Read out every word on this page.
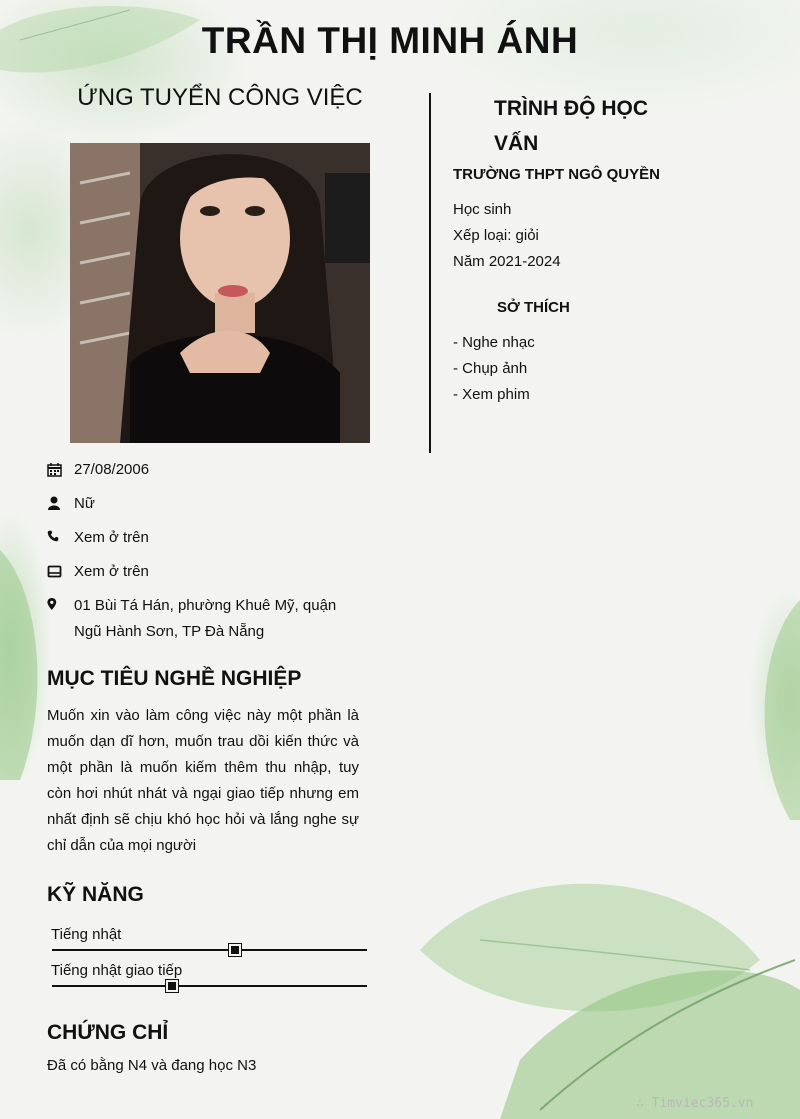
TRẦN THỊ MINH ÁNH
ỨNG TUYỂN CÔNG VIỆC
27/08/2006
Nữ
Xem ở trên
Xem ở trên
01 Bùi Tá Hán, phường Khuê Mỹ, quận Ngũ Hành Sơn, TP Đà Nẵng
MỤC TIÊU NGHỀ NGHIỆP

Muốn xin vào làm công việc này một phần là muốn dạn dĩ hơn, muốn trau dồi kiến thức và một phần là muốn kiếm thêm thu nhập, tuy còn hơi nhút nhát và ngại giao tiếp nhưng em nhất định sẽ chịu khó học hỏi và lắng nghe sự chỉ dẫn của mọi người

KỸ NĂNG
Tiếng nhật
Tiếng nhật giao tiếp
CHỨNG CHỈ
Đã có bằng N4 và đang học N3
TRÌNH ĐỘ HỌC VẤN
TRƯỜNG THPT NGÔ QUYỀN
Học sinh
Xếp loại: giỏi
Năm 2021-2024
SỞ THÍCH
- Nghe nhạc
- Chụp ảnh
- Xem phim
∴ Timviec365.vn
